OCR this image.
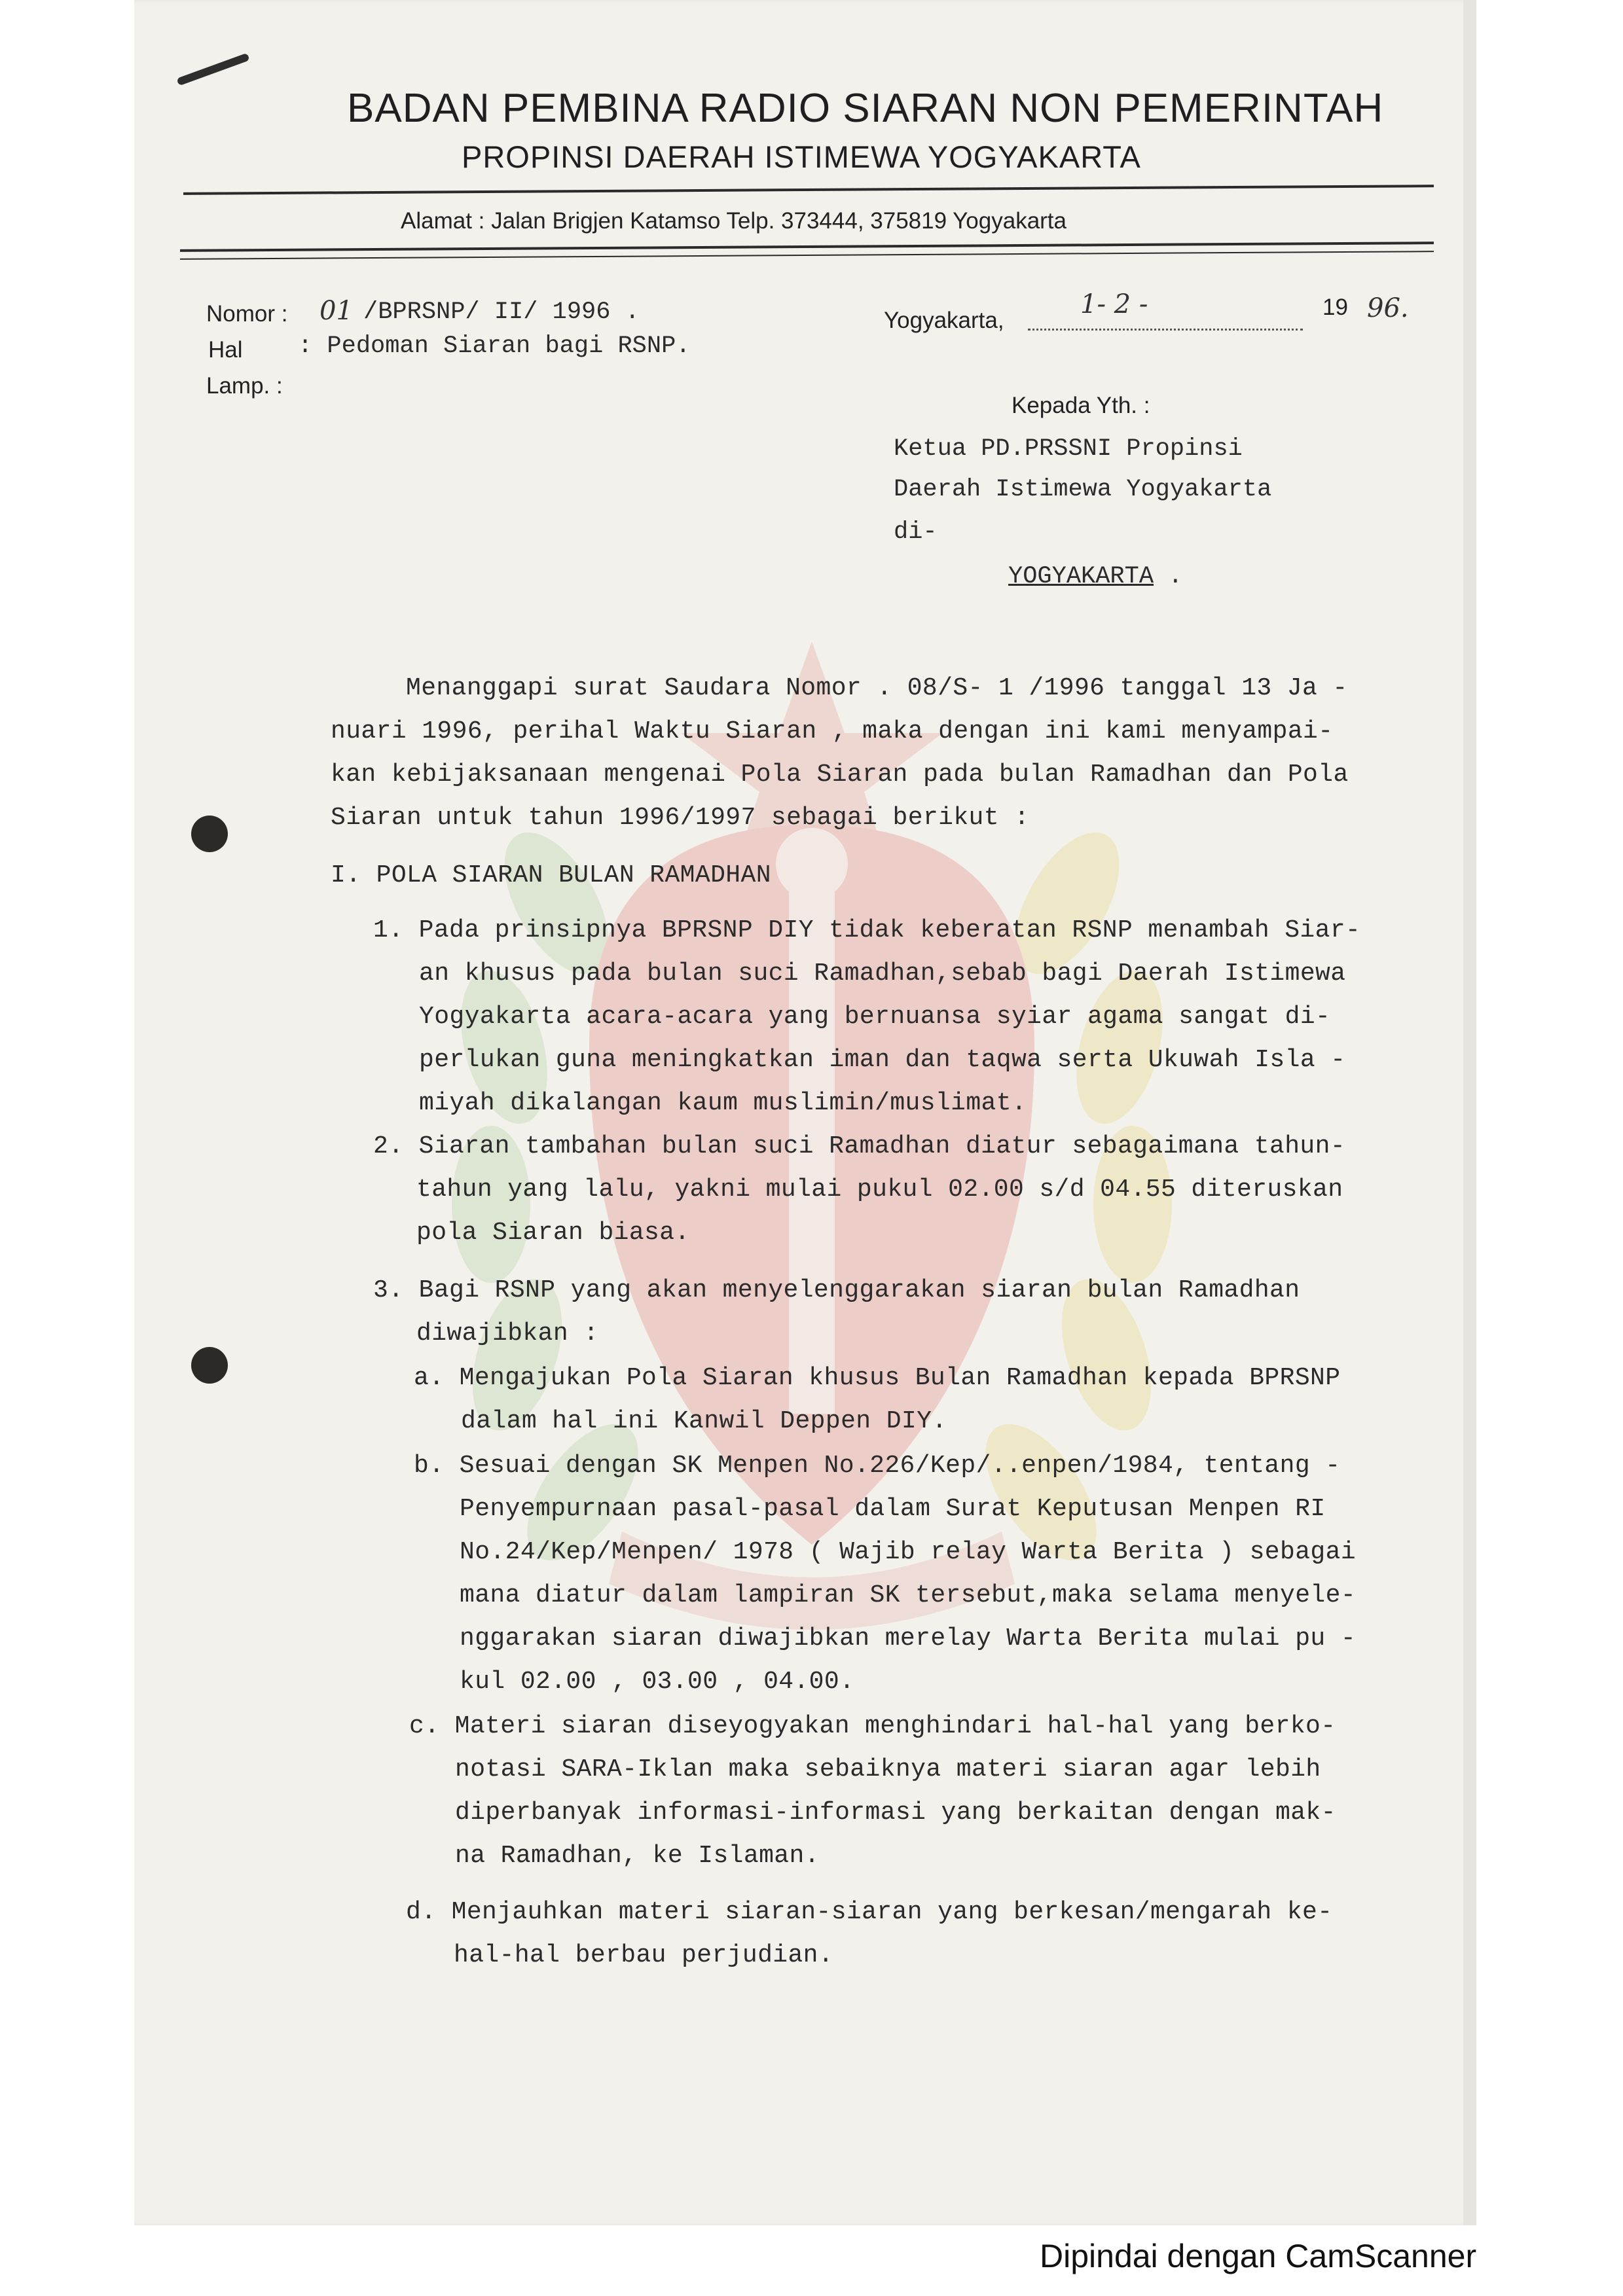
BADAN PEMBINA RADIO SIARAN NON PEMERINTAH
PROPINSI DAERAH ISTIMEWA YOGYAKARTA
Alamat : Jalan Brigjen Katamso Telp. 373444, 375819 Yogyakarta
Nomor : 01 /BPRSNP/ II/ 1996 .
Hal : Pedoman Siaran bagi RSNP.
Lamp. :
Yogyakarta,
1- 2 -	19 96.
Kepada Yth. :
Ketua PD.PRSSNI Propinsi
Daerah Istimewa Yogyakarta
di-
YOGYAKARTA .
Menanggapi surat Saudara Nomor . 08/S- 1 /1996 tanggal 13 Ja -
nuari 1996, perihal Waktu Siaran , maka dengan ini kami menyampai-
kan kebijaksanaan mengenai Pola Siaran pada bulan Ramadhan dan Pola
Siaran untuk tahun 1996/1997 sebagai berikut :
I. POLA SIARAN BULAN RAMADHAN
1. Pada prinsipnya BPRSNP DIY tidak keberatan RSNP menambah Siar-
an khusus pada bulan suci Ramadhan,sebab bagi Daerah Istimewa
Yogyakarta acara-acara yang bernuansa syiar agama sangat di-
perlukan guna meningkatkan iman dan taqwa serta Ukuwah Isla -
miyah dikalangan kaum muslimin/muslimat.
2. Siaran tambahan bulan suci Ramadhan diatur sebagaimana tahun-
tahun yang lalu, yakni mulai pukul 02.00 s/d 04.55 diteruskan
pola Siaran biasa.
3. Bagi RSNP yang akan menyelenggarakan siaran bulan Ramadhan
diwajibkan :
a. Mengajukan Pola Siaran khusus Bulan Ramadhan kepada BPRSNP
dalam hal ini Kanwil Deppen DIY.
b. Sesuai dengan SK Menpen No.226/Kep/..enpen/1984, tentang -
Penyempurnaan pasal-pasal dalam Surat Keputusan Menpen RI
No.24/Kep/Menpen/ 1978 ( Wajib relay Warta Berita ) sebagai
mana diatur dalam lampiran SK tersebut,maka selama menyele-
nggarakan siaran diwajibkan merelay Warta Berita mulai pu -
kul 02.00 , 03.00 , 04.00.
c. Materi siaran diseyogyakan menghindari hal-hal yang berko-
notasi SARA-Iklan maka sebaiknya materi siaran agar lebih
diperbanyak informasi-informasi yang berkaitan dengan mak-
na Ramadhan, ke Islaman.
d. Menjauhkan materi siaran-siaran yang berkesan/mengarah ke-
hal-hal berbau perjudian.
Dipindai dengan CamScanner
